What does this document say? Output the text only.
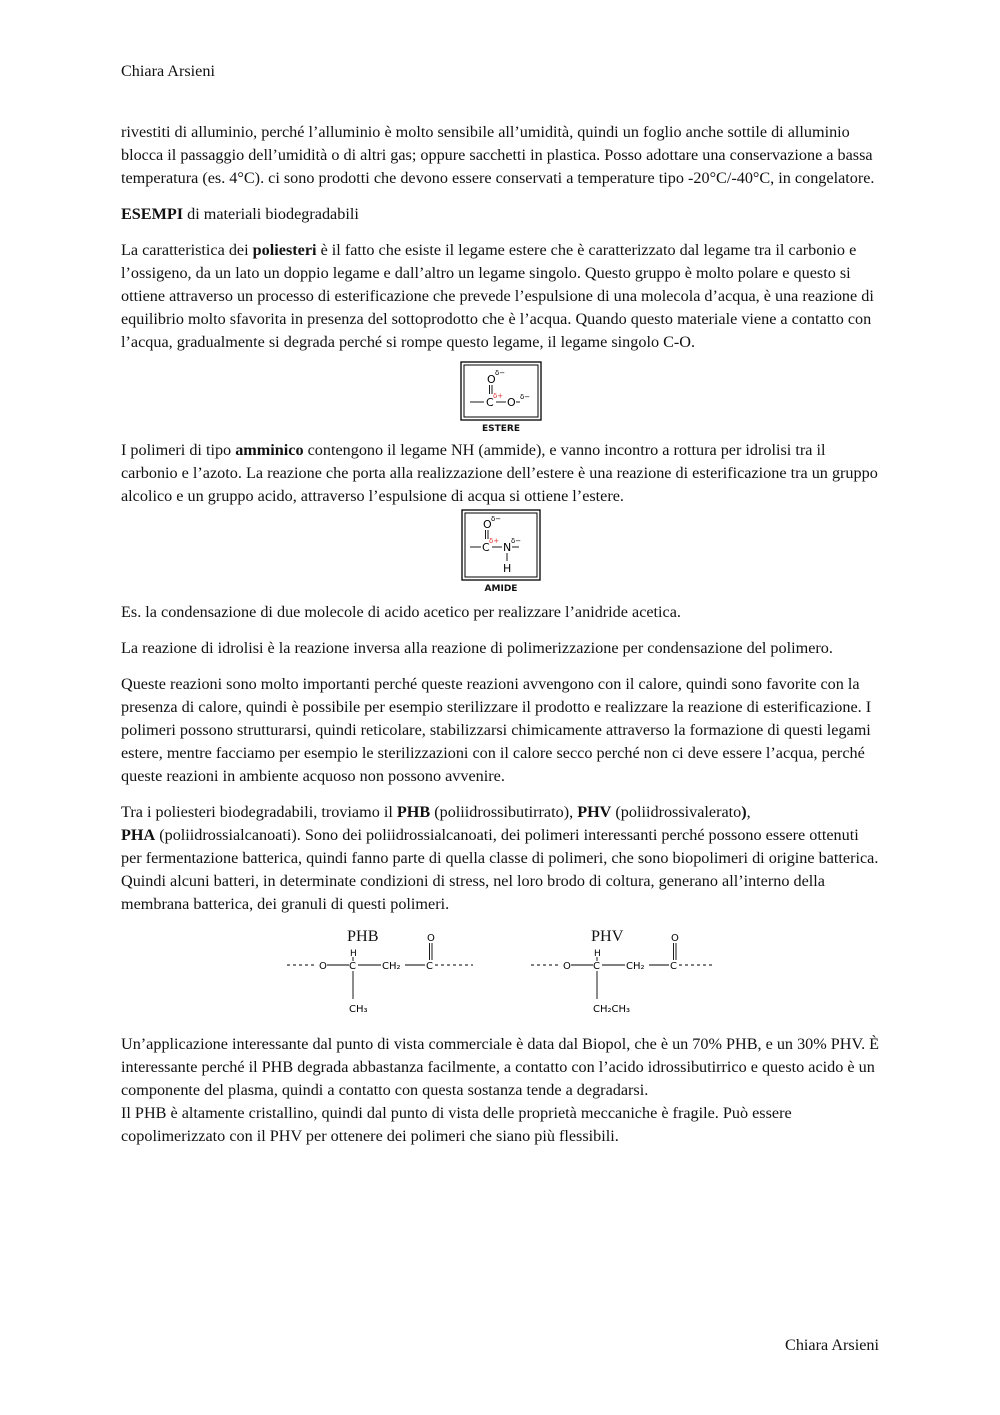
Chiara Arsieni

rivestiti di alluminio, perché l’alluminio è molto sensibile all’umidità, quindi un foglio anche sottile di alluminio blocca il passaggio dell’umidità o di altri gas; oppure sacchetti in plastica. Posso adottare una conservazione a bassa temperatura (es. 4°C). ci sono prodotti che devono essere conservati a temperature tipo -20°C/-40°C, in congelatore.

ESEMPI di materiali biodegradabili

La caratteristica dei poliesteri è il fatto che esiste il legame estere che è caratterizzato dal legame tra il carbonio e l’ossigeno, da un lato un doppio legame e dall’altro un legame singolo. Questo gruppo è molto polare e questo si ottiene attraverso un processo di esterificazione che prevede l’espulsione di una molecola d’acqua, è una reazione di equilibrio molto sfavorita in presenza del sottoprodotto che è l’acqua. Quando questo materiale viene a contatto con l’acqua, gradualmente si degrada perché si rompe questo legame, il legame singolo C-O.

O δ−
C δ+ O δ−
ESTERE

I polimeri di tipo amminico contengono il legame NH (ammide), e vanno incontro a rottura per idrolisi tra il carbonio e l’azoto. La reazione che porta alla realizzazione dell’estere è una reazione di esterificazione tra un gruppo alcolico e un gruppo acido, attraverso l’espulsione di acqua si ottiene l’estere.

O δ−
C δ+ N δ−
H
AMIDE

Es. la condensazione di due molecole di acido acetico per realizzare l’anidride acetica.

La reazione di idrolisi è la reazione inversa alla reazione di polimerizzazione per condensazione del polimero.

Queste reazioni sono molto importanti perché queste reazioni avvengono con il calore, quindi sono favorite con la presenza di calore, quindi è possibile per esempio sterilizzare il prodotto e realizzare la reazione di esterificazione. I polimeri possono strutturarsi, quindi reticolare, stabilizzarsi chimicamente attraverso la formazione di questi legami estere, mentre facciamo per esempio le sterilizzazioni con il calore secco perché non ci deve essere l’acqua, perché queste reazioni in ambiente acquoso non possono avvenire.

Tra i poliesteri biodegradabili, troviamo il PHB (poliidrossibutirrato), PHV (poliidrossivalerato),
PHA (poliidrossialcanoati). Sono dei poliidrossialcanoati, dei polimeri interessanti perché possono essere ottenuti per fermentazione batterica, quindi fanno parte di quella classe di polimeri, che sono biopolimeri di origine batterica. Quindi alcuni batteri, in determinate condizioni di stress, nel loro brodo di coltura, generano all’interno della membrana batterica, dei granuli di questi polimeri.

PHB	O
O
H
C	CH₂	C
CH₃
PHV	O
O
H
C	CH₂	C
CH₂CH₃

Un’applicazione interessante dal punto di vista commerciale è data dal Biopol, che è un 70% PHB, e un 30% PHV. È interessante perché il PHB degrada abbastanza facilmente, a contatto con l’acido idrossibutirrico e questo acido è un componente del plasma, quindi a contatto con questa sostanza tende a degradarsi.

Il PHB è altamente cristallino, quindi dal punto di vista delle proprietà meccaniche è fragile. Può essere copolimerizzato con il PHV per ottenere dei polimeri che siano più flessibili.

Chiara Arsieni
